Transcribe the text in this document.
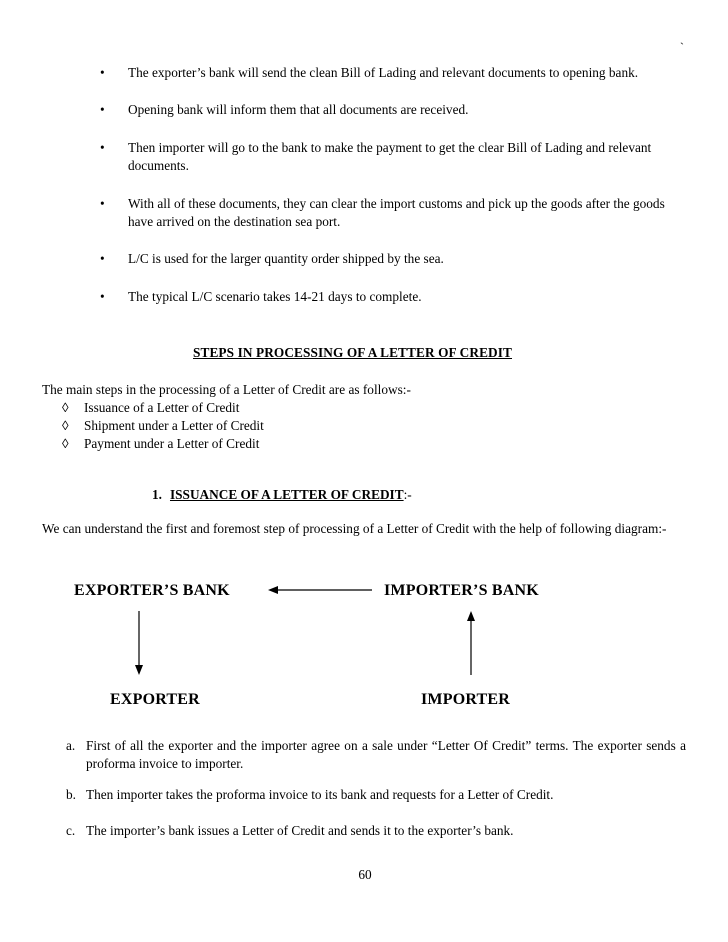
`
•	The exporter’s bank will send the clean Bill of Lading and relevant documents to opening bank.
•	Opening bank will inform them that all documents are received.
•	Then importer will go to the bank to make the payment to get the clear Bill of Lading and relevant documents.
•	With all of these documents, they can clear the import customs and pick up the goods after the goods have arrived on the destination sea port.
•	L/C is used for the larger quantity order shipped by the sea.
•	The typical L/C scenario takes 14-21 days to complete.
STEPS IN PROCESSING OF A LETTER OF CREDIT
The main steps in the processing of a Letter of Credit are as follows:-
◊ Issuance of a Letter of Credit
◊ Shipment under a Letter of Credit
◊ Payment under a Letter of Credit
1. ISSUANCE OF A LETTER OF CREDIT:-
We can understand the first and foremost step of processing of a Letter of Credit with the help of following diagram:-
EXPORTER’S BANK	IMPORTER’S BANK
EXPORTER	IMPORTER
a. First of all the exporter and the importer agree on a sale under “Letter Of Credit” terms. The exporter sends a proforma invoice to importer.
b. Then importer takes the proforma invoice to its bank and requests for a Letter of Credit.
c. The importer’s bank issues a Letter of Credit and sends it to the exporter’s bank.
60
